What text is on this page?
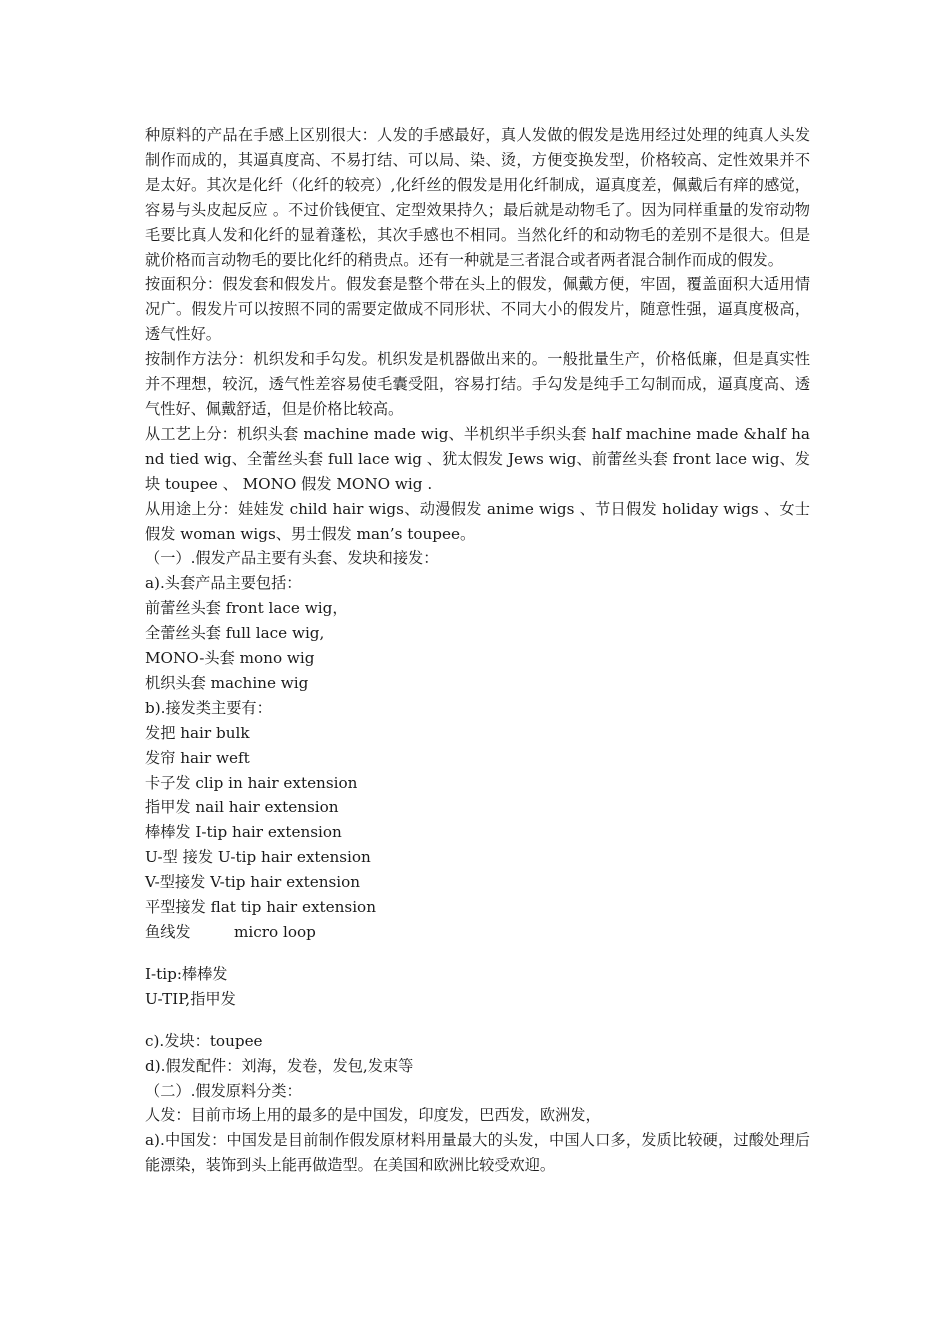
种原料的产品在手感上区别很大：人发的手感最好，真人发做的假发是选用经过处理的纯真人头发制作而成的，其逼真度高、不易打结、可以局、染、烫，方便变换发型，价格较高、定性效果并不是太好。其次是化纤（化纤的较亮）,化纤丝的假发是用化纤制成，逼真度差，佩戴后有痒的感觉，容易与头皮起反应 。不过价钱便宜、定型效果持久；最后就是动物毛了。因为同样重量的发帘动物毛要比真人发和化纤的显着蓬松，其次手感也不相同。当然化纤的和动物毛的差别不是很大。但是就价格而言动物毛的要比化纤的稍贵点。还有一种就是三者混合或者两者混合制作而成的假发。

按面积分：假发套和假发片。假发套是整个带在头上的假发，佩戴方便，牢固，覆盖面积大适用情况广。假发片可以按照不同的需要定做成不同形状、不同大小的假发片，随意性强，逼真度极高，透气性好。

按制作方法分：机织发和手勾发。机织发是机器做出来的。一般批量生产，价格低廉，但是真实性并不理想，较沉，透气性差容易使毛囊受阻，容易打结。手勾发是纯手工勾制而成，逼真度高、透气性好、佩戴舒适，但是价格比较高。

从工艺上分：机织头套 machine made wig、半机织半手织头套 half machine made &half hand tied wig、全蕾丝头套 full lace wig 、犹太假发 Jews wig、前蕾丝头套 front lace wig、发块 toupee 、 MONO 假发 MONO wig .

从用途上分：娃娃发 child hair wigs、动漫假发 anime wigs 、节日假发 holiday wigs 、女士假发 woman wigs、男士假发 man’s toupee。

（一）.假发产品主要有头套、发块和接发：

a).头套产品主要包括：

前蕾丝头套 front lace wig，

全蕾丝头套 full lace wig,

MONO-头套 mono wig

机织头套 machine wig

b).接发类主要有：

发把 hair bulk

发帘 hair weft

卡子发 clip in hair extension

指甲发 nail hair extension

棒棒发 I-tip hair extension

U-型 接发 U-tip hair extension

V-型接发 V-tip hair extension

平型接发 flat tip hair extension

鱼线发         micro loop

I-tip:棒棒发

U-TIP,指甲发

c).发块：toupee

d).假发配件：刘海，发卷，发包,发束等

（二）.假发原料分类：

人发：目前市场上用的最多的是中国发，印度发，巴西发，欧洲发，

a).中国发：中国发是目前制作假发原材料用量最大的头发，中国人口多，发质比较硬，过酸处理后能漂染，装饰到头上能再做造型。在美国和欧洲比较受欢迎。
